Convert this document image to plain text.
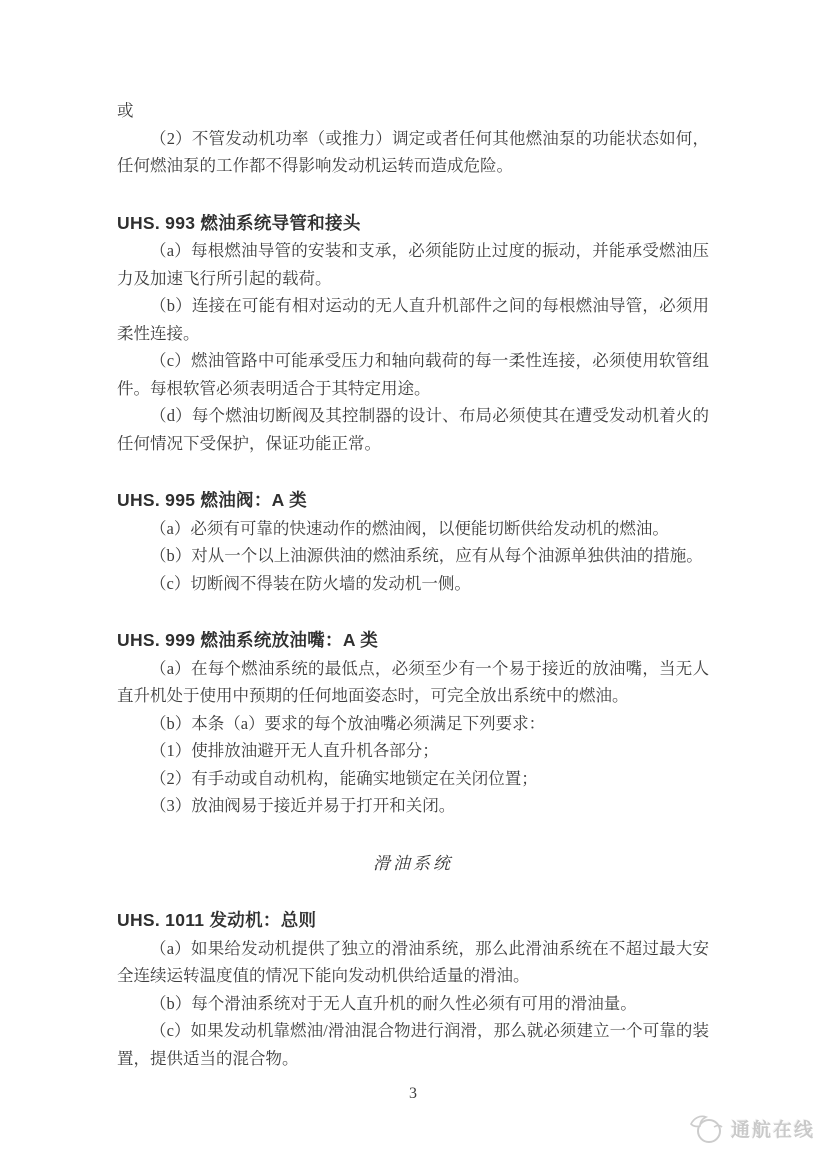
或

（2）不管发动机功率（或推力）调定或者任何其他燃油泵的功能状态如何，任何燃油泵的工作都不得影响发动机运转而造成危险。

UHS. 993 燃油系统导管和接头

（a）每根燃油导管的安装和支承，必须能防止过度的振动，并能承受燃油压力及加速飞行所引起的载荷。

（b）连接在可能有相对运动的无人直升机部件之间的每根燃油导管，必须用柔性连接。

（c）燃油管路中可能承受压力和轴向载荷的每一柔性连接，必须使用软管组件。每根软管必须表明适合于其特定用途。

（d）每个燃油切断阀及其控制器的设计、布局必须使其在遭受发动机着火的任何情况下受保护，保证功能正常。

UHS. 995 燃油阀：A 类

（a）必须有可靠的快速动作的燃油阀，以便能切断供给发动机的燃油。

（b）对从一个以上油源供油的燃油系统，应有从每个油源单独供油的措施。

（c）切断阀不得装在防火墙的发动机一侧。

UHS. 999 燃油系统放油嘴：A 类

（a）在每个燃油系统的最低点，必须至少有一个易于接近的放油嘴，当无人直升机处于使用中预期的任何地面姿态时，可完全放出系统中的燃油。

（b）本条（a）要求的每个放油嘴必须满足下列要求：

（1）使排放油避开无人直升机各部分；

（2）有手动或自动机构，能确实地锁定在关闭位置；

（3）放油阀易于接近并易于打开和关闭。

滑油系统
UHS. 1011 发动机：总则

（a）如果给发动机提供了独立的滑油系统，那么此滑油系统在不超过最大安全连续运转温度值的情况下能向发动机供给适量的滑油。

（b）每个滑油系统对于无人直升机的耐久性必须有可用的滑油量。

（c）如果发动机靠燃油/滑油混合物进行润滑，那么就必须建立一个可靠的装置，提供适当的混合物。

3
通航在线
